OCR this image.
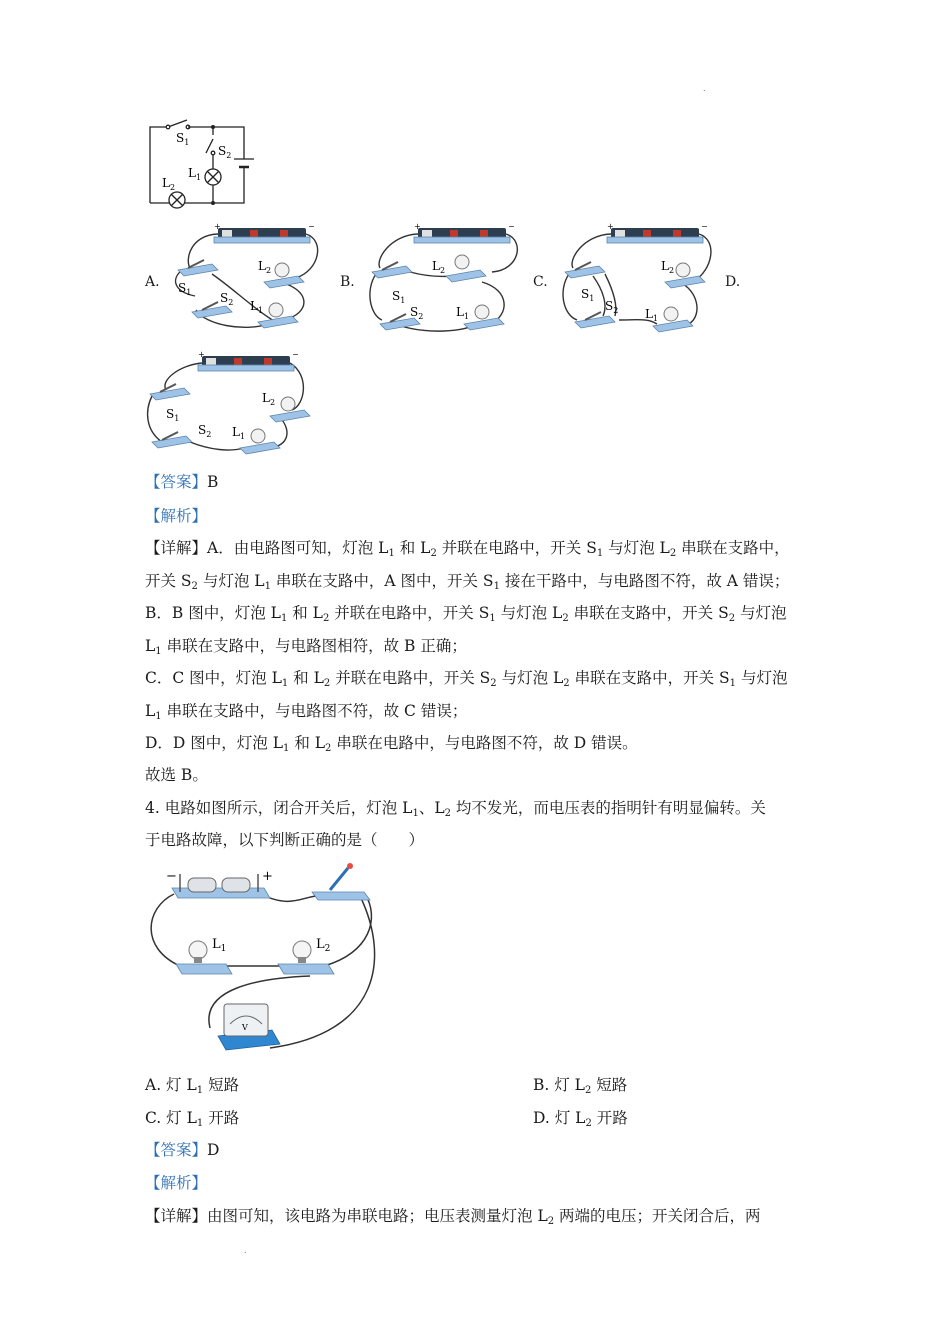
.
$S_1$
$S_2$
$L_1$
$L_2$
A.	B.	C.	D.
+	−
$L_2$
$S_1$ $S_2$ $L_1$
+	−
$L_2$
$S_1$
$S_2$	$L_1$
+	−
$L_2$
$S_1$
$S_2$ $L_1$
+	−
$L_2$
$S_1$
$S_2$ $L_1$
【答案】B
【解析】
【详解】A．由电路图可知，灯泡 $L_1$ 和 $L_2$ 并联在电路中，开关 $S_1$ 与灯泡 $L_2$ 串联在支路中，
开关 $S_2$ 与灯泡 $L_1$ 串联在支路中，A 图中，开关 $S_1$ 接在干路中，与电路图不符，故 A 错误；
B．B 图中，灯泡 $L_1$ 和 $L_2$ 并联在电路中，开关 $S_1$ 与灯泡 $L_2$ 串联在支路中，开关 $S_2$ 与灯泡
$L_1$ 串联在支路中，与电路图相符，故 B 正确；
C．C 图中，灯泡 $L_1$ 和 $L_2$ 并联在电路中，开关 $S_2$ 与灯泡 $L_2$ 串联在支路中，开关 $S_1$ 与灯泡
$L_1$ 串联在支路中，与电路图不符，故 C 错误；
D．D 图中，灯泡 $L_1$ 和 $L_2$ 串联在电路中，与电路图不符，故 D 错误。
故选 B。
4. 电路如图所示，闭合开关后，灯泡 $L_1$、$L_2$ 均不发光，而电压表的指明针有明显偏转。关
于电路故障，以下判断正确的是（　　）
−	+
$L_1$	$L_2$
V
A. 灯 $L_1$ 短路	B. 灯 $L_2$ 短路
C. 灯 $L_1$ 开路	D. 灯 $L_2$ 开路
【答案】D
【解析】
【详解】由图可知，该电路为串联电路；电压表测量灯泡 $L_2$ 两端的电压；开关闭合后，两
.
